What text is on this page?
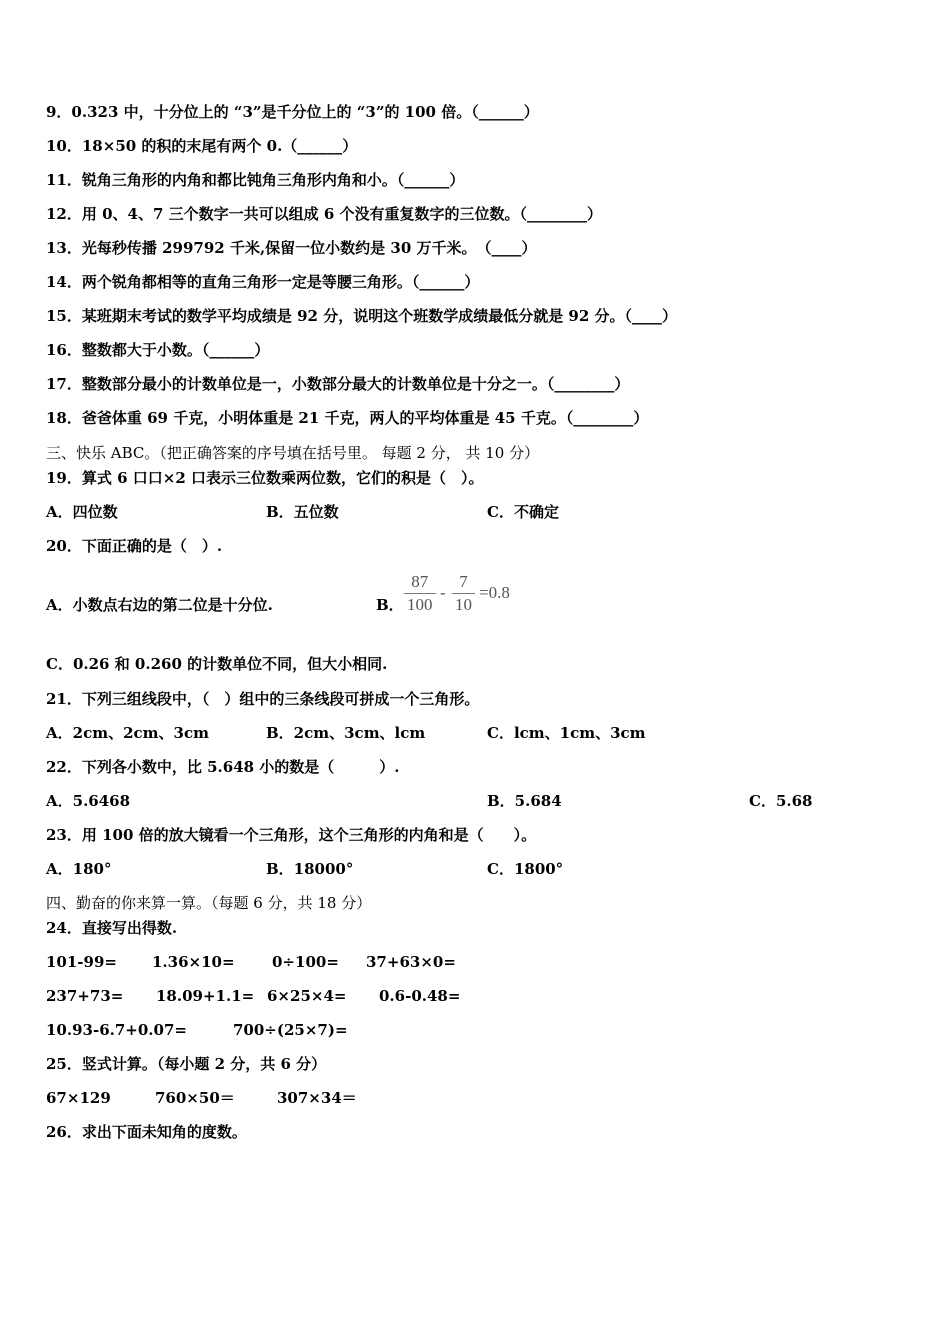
9．0.323 中，十分位上的 “3”是千分位上的 “3”的 100 倍。（______）
10．18×50 的积的末尾有两个 0.（______）
11．锐角三角形的内角和都比钝角三角形内角和小。（______）
12．用 0、4、7 三个数字一共可以组成 6 个没有重复数字的三位数。（________）
13．光每秒传播 299792 千米,保留一位小数约是 30 万千米。　（____）
14．两个锐角都相等的直角三角形一定是等腰三角形。（______）
15．某班期末考试的数学平均成绩是 92 分，说明这个班数学成绩最低分就是 92 分。（____）
16．整数都大于小数。（______）
17．整数部分最小的计数单位是一，小数部分最大的计数单位是十分之一。（________）
18．爸爸体重 69 千克，小明体重是 21 千克，两人的平均体重是 45 千克。（________）
三、快乐 ABC。（把正确答案的序号填在括号里。 每题 2 分， 共 10 分）
19．算式 6 口口×2 口表示三位数乘两位数，它们的积是（　）。
A．四位数	B．五位数	C．不确定
20．下面正确的是（　）.
A．小数点右边的第二位是十分位.	B． $\frac{87}{100} - \frac{7}{10} =0.8$
C．0.26 和 0.260 的计数单位不同，但大小相同.
21．下列三组线段中，（　）组中的三条线段可拼成一个三角形。
A．2cm、2cm、3cm	B．2cm、3cm、lcm	C．lcm、1cm、3cm
22．下列各小数中，比 5.648 小的数是（　　　）.
A．5.6468	B．5.684	C．5.68
23．用 100 倍的放大镜看一个三角形，这个三角形的内角和是（　　）。
A．180°	B．18000°	C．1800°
四、勤奋的你来算一算。（每题 6 分，共 18 分）
24．直接写出得数.
101-99= 1.36×10= 0÷100= 37+63×0=
237+73= 18.09+1.1= 6×25×4= 0.6-0.48=
10.93-6.7+0.07=	700÷(25×7)=
25．竖式计算。（每小题 2 分，共 6 分）
67×129	760×50＝	307×34＝
26．求出下面未知角的度数。
